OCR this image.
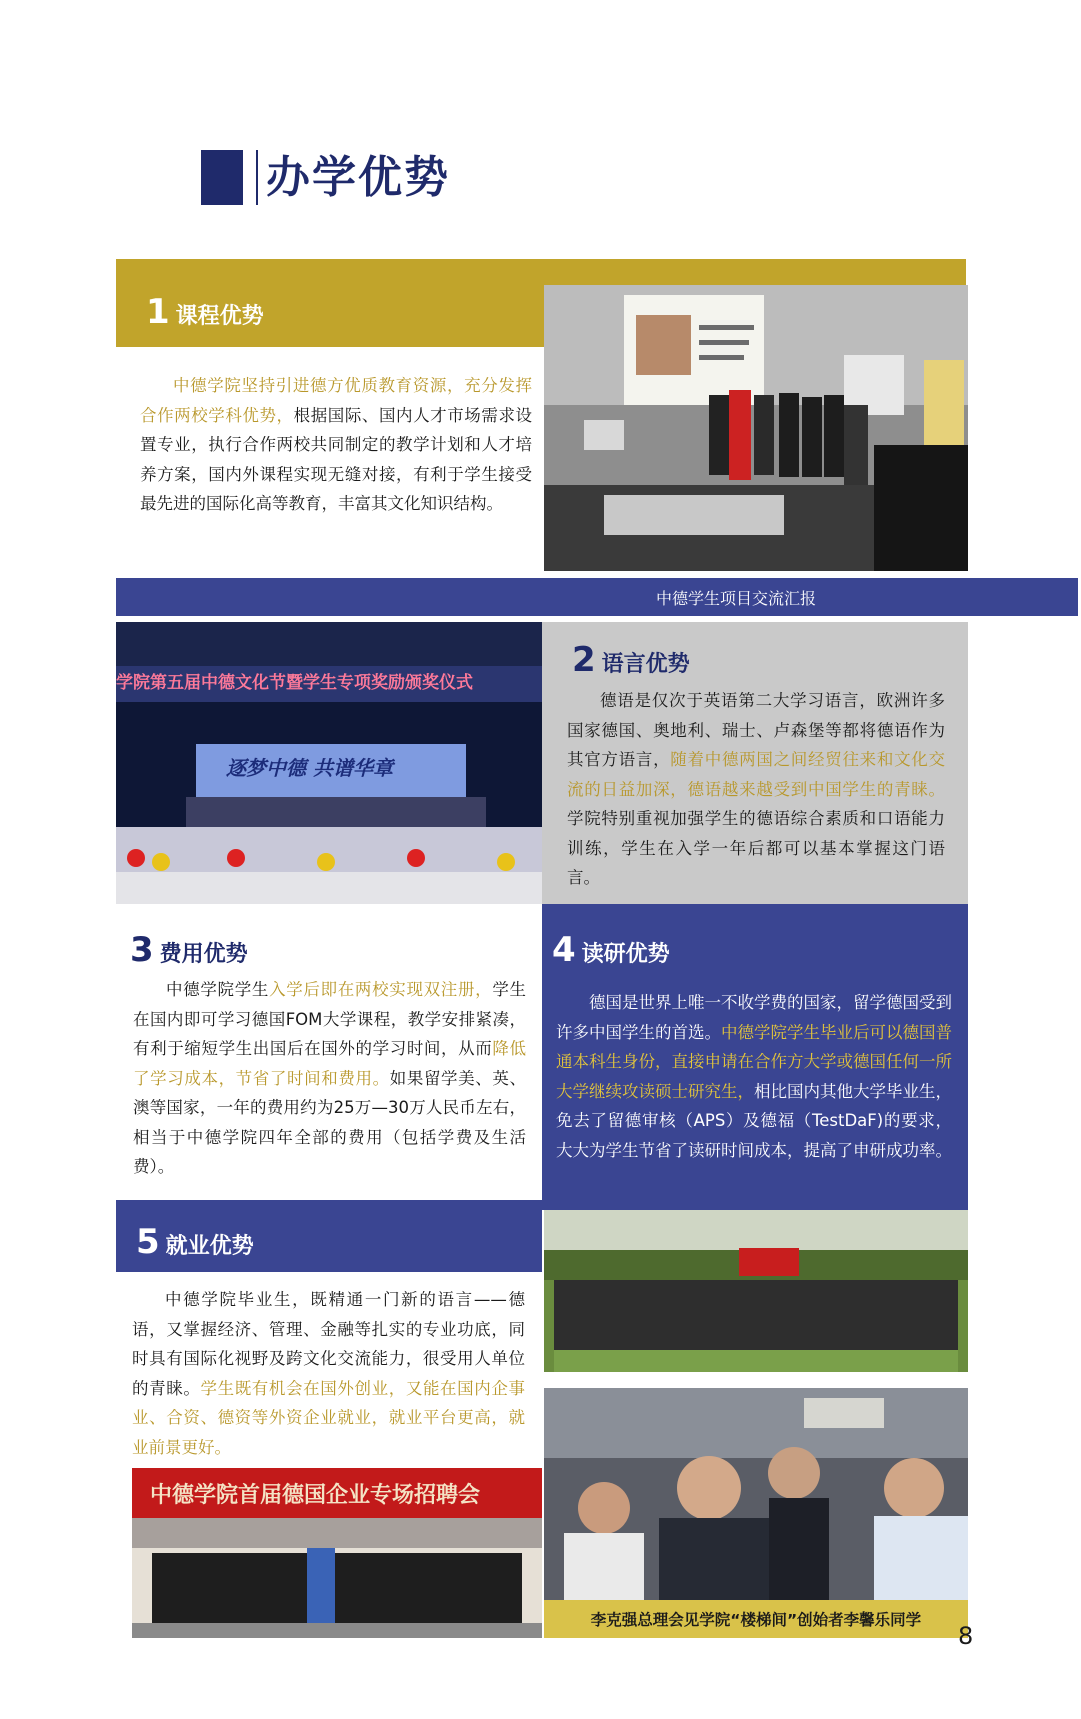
办学优势
1 课程优势
中德学院坚持引进德方优质教育资源，充分发挥合作两校学科优势，根据国际、国内人才市场需求设置专业，执行合作两校共同制定的教学计划和人才培养方案，国内外课程实现无缝对接，有利于学生接受最先进的国际化高等教育，丰富其文化知识结构。
中德学生项目交流汇报
学院第五届中德文化节暨学生专项奖励颁奖仪式
逐梦中德 共谱华章
2 语言优势
德语是仅次于英语第二大学习语言，欧洲许多国家德国、奥地利、瑞士、卢森堡等都将德语作为其官方语言，随着中德两国之间经贸往来和文化交流的日益加深，德语越来越受到中国学生的青睐。学院特别重视加强学生的德语综合素质和口语能力训练，学生在入学一年后都可以基本掌握这门语言。
3 费用优势
中德学院学生入学后即在两校实现双注册，学生在国内即可学习德国FOM大学课程，教学安排紧凑，有利于缩短学生出国后在国外的学习时间，从而降低了学习成本，节省了时间和费用。如果留学美、英、澳等国家，一年的费用约为25万—30万人民币左右，相当于中德学院四年全部的费用（包括学费及生活费）。
4 读研优势
德国是世界上唯一不收学费的国家，留学德国受到许多中国学生的首选。中德学院学生毕业后可以德国普通本科生身份，直接申请在合作方大学或德国任何一所大学继续攻读硕士研究生，相比国内其他大学毕业生，免去了留德审核（APS）及德福（TestDaF)的要求，大大为学生节省了读研时间成本，提高了申研成功率。
5 就业优势
中德学院毕业生，既精通一门新的语言——德语，又掌握经济、管理、金融等扎实的专业功底，同时具有国际化视野及跨文化交流能力，很受用人单位的青睐。学生既有机会在国外创业，又能在国内企事业、合资、德资等外资企业就业，就业平台更高，就业前景更好。
中德学院首届德国企业专场招聘会
李克强总理会见学院“楼梯间”创始者李馨乐同学
8
